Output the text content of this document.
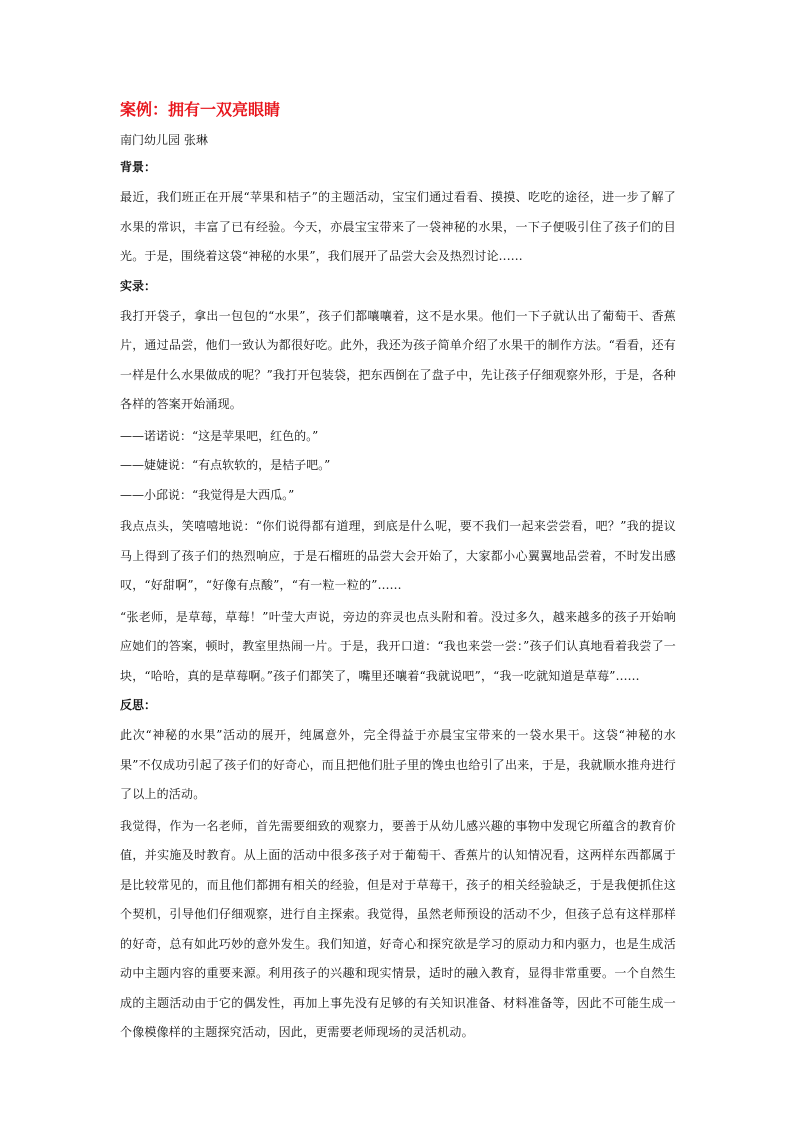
案例：拥有一双亮眼睛
南门幼儿园 张琳
背景：

最近，我们班正在开展“苹果和桔子”的主题活动，宝宝们通过看看、摸摸、吃吃的途径，进一步了解了水果的常识，丰富了已有经验。今天，亦晨宝宝带来了一袋神秘的水果，一下子便吸引住了孩子们的目光。于是，围绕着这袋“神秘的水果”，我们展开了品尝大会及热烈讨论......

实录：

我打开袋子，拿出一包包的“水果”，孩子们都嚷嚷着，这不是水果。他们一下子就认出了葡萄干、香蕉片，通过品尝，他们一致认为都很好吃。此外，我还为孩子简单介绍了水果干的制作方法。“看看，还有一样是什么水果做成的呢？”我打开包装袋，把东西倒在了盘子中，先让孩子仔细观察外形，于是，各种各样的答案开始涌现。

——诺诺说：“这是苹果吧，红色的。”

——婕婕说：“有点软软的，是桔子吧。”

——小邱说：“我觉得是大西瓜。”

我点点头，笑嘻嘻地说：“你们说得都有道理，到底是什么呢，要不我们一起来尝尝看，吧？”我的提议马上得到了孩子们的热烈响应，于是石榴班的品尝大会开始了，大家都小心翼翼地品尝着，不时发出感叹，“好甜啊”，“好像有点酸”，“有一粒一粒的”......

“张老师，是草莓，草莓！”叶莹大声说，旁边的弈灵也点头附和着。没过多久，越来越多的孩子开始响应她们的答案，顿时，教室里热闹一片。于是，我开口道：“我也来尝一尝：”孩子们认真地看着我尝了一块，“哈哈，真的是草莓啊。”孩子们都笑了，嘴里还嚷着“我就说吧”，“我一吃就知道是草莓”......

反思：

此次“神秘的水果”活动的展开，纯属意外，完全得益于亦晨宝宝带来的一袋水果干。这袋“神秘的水果”不仅成功引起了孩子们的好奇心，而且把他们肚子里的馋虫也给引了出来，于是，我就顺水推舟进行了以上的活动。

我觉得，作为一名老师，首先需要细致的观察力，要善于从幼儿感兴趣的事物中发现它所蕴含的教育价值，并实施及时教育。从上面的活动中很多孩子对于葡萄干、香蕉片的认知情况看，这两样东西都属于是比较常见的，而且他们都拥有相关的经验，但是对于草莓干，孩子的相关经验缺乏，于是我便抓住这个契机，引导他们仔细观察，进行自主探索。我觉得，虽然老师预设的活动不少，但孩子总有这样那样的好奇，总有如此巧妙的意外发生。我们知道，好奇心和探究欲是学习的原动力和内驱力，也是生成活动中主题内容的重要来源。利用孩子的兴趣和现实情景，适时的融入教育，显得非常重要。一个自然生成的主题活动由于它的偶发性，再加上事先没有足够的有关知识准备、材料准备等，因此不可能生成一个像模像样的主题探究活动，因此，更需要老师现场的灵活机动。
